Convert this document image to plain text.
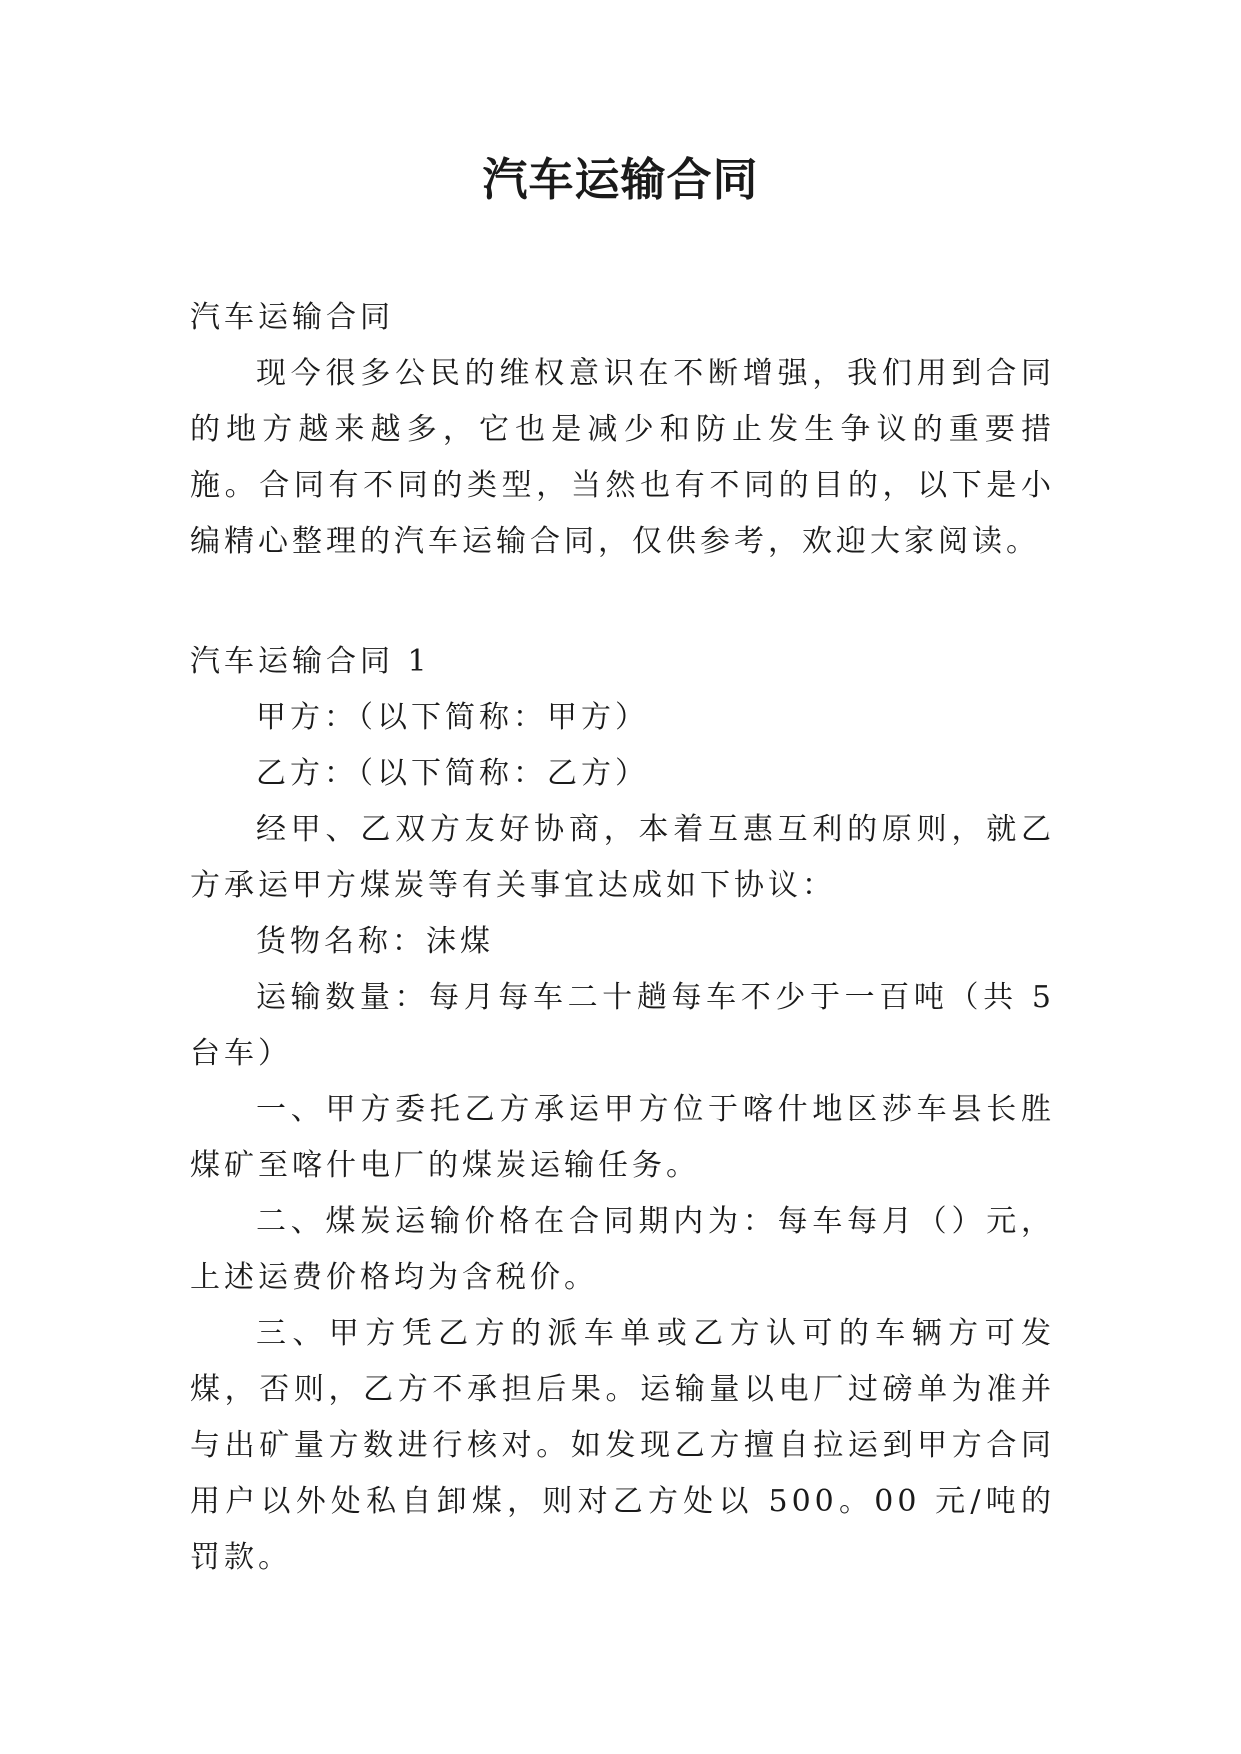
汽车运输合同

汽车运输合同

现今很多公民的维权意识在不断增强，我们用到合同的地方越来越多，它也是减少和防止发生争议的重要措施。合同有不同的类型，当然也有不同的目的，以下是小编精心整理的汽车运输合同，仅供参考，欢迎大家阅读。

汽车运输合同 1

甲方：（以下简称：甲方）

乙方：（以下简称：乙方）

经甲、乙双方友好协商，本着互惠互利的原则，就乙方承运甲方煤炭等有关事宜达成如下协议：

货物名称：沫煤

运输数量：每月每车二十趟每车不少于一百吨（共 5 台车）

一、甲方委托乙方承运甲方位于喀什地区莎车县长胜煤矿至喀什电厂的煤炭运输任务。

二、煤炭运输价格在合同期内为：每车每月（）元，上述运费价格均为含税价。

三、甲方凭乙方的派车单或乙方认可的车辆方可发煤，否则，乙方不承担后果。运输量以电厂过磅单为准并与出矿量方数进行核对。如发现乙方擅自拉运到甲方合同用户以外处私自卸煤，则对乙方处以 500。00 元/吨的罚款。
